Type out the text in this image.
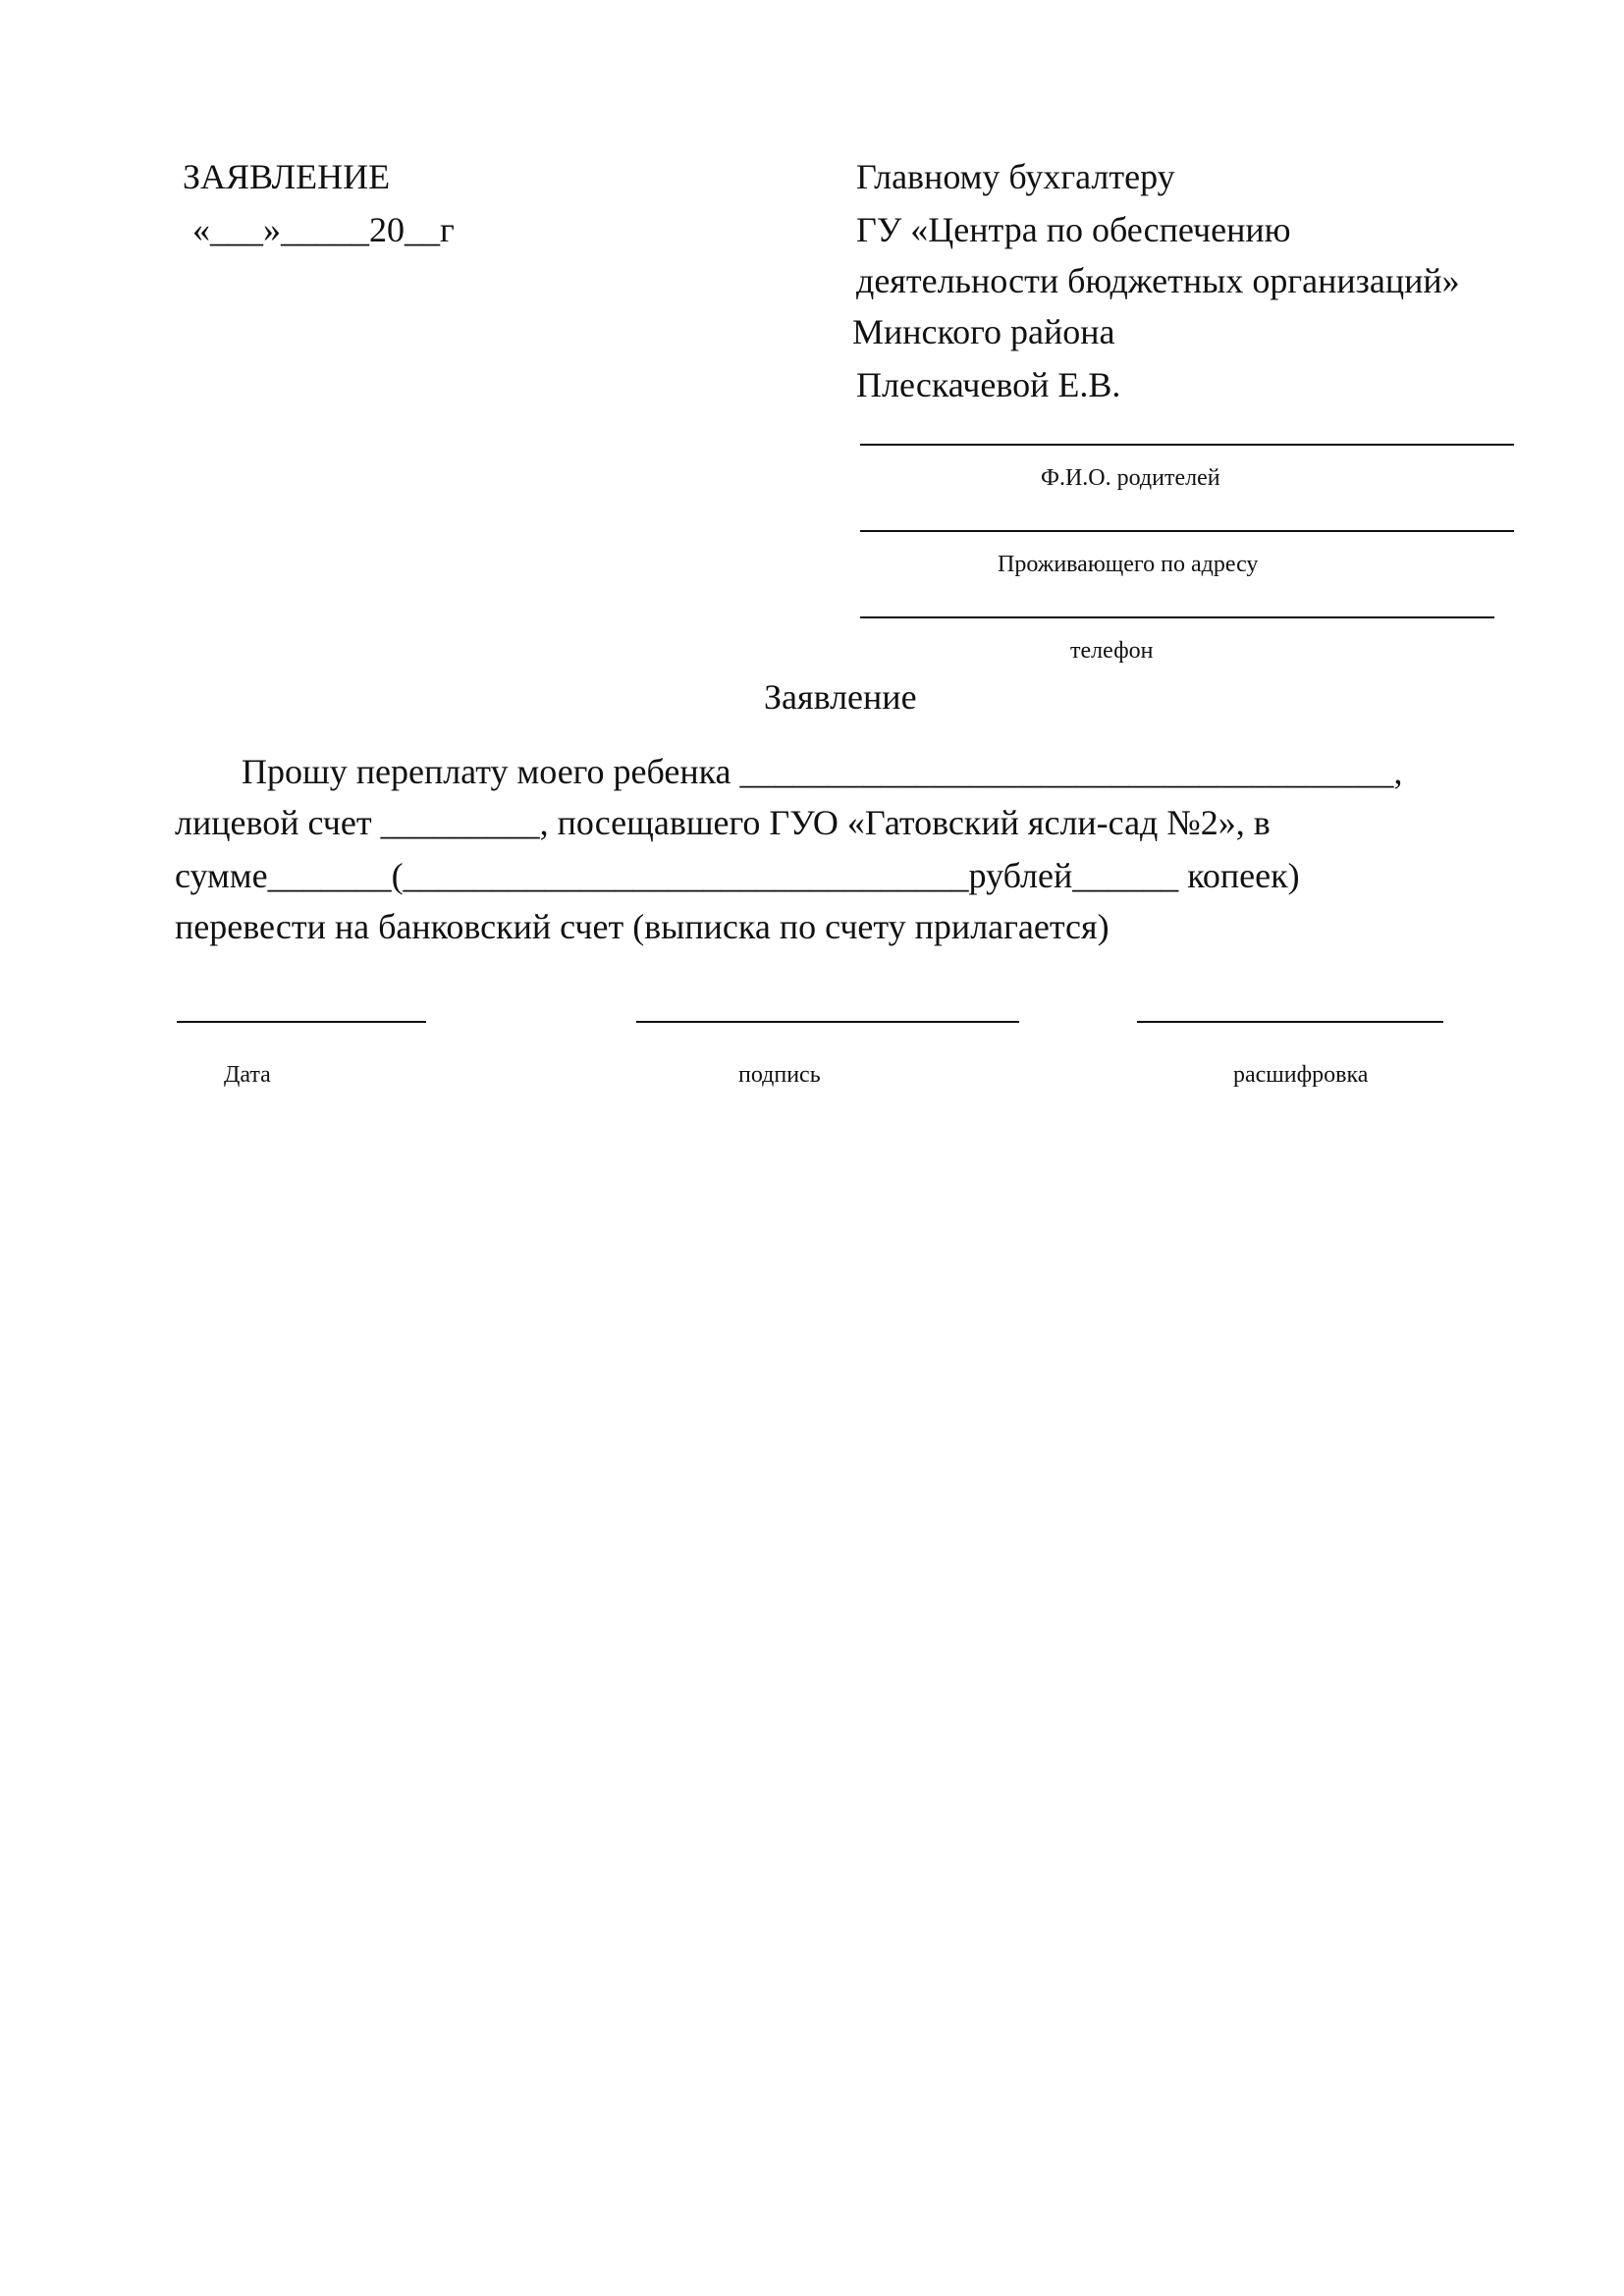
ЗАЯВЛЕНИЕ

«___»_____20__г

Главному бухгалтеру

ГУ «Центра по обеспечению

деятельности бюджетных организаций»

Минского района

Плескачевой Е.В.

Ф.И.О. родителей

Проживающего по адресу

телефон

Заявление

Прошу переплату моего ребенка _____________________________________,

лицевой счет _________, посещавшего ГУО «Гатовский ясли-сад №2», в

сумме_______(________________________________рублей______ копеек)

перевести на банковский счет (выписка по счету прилагается)

Дата	подпись	расшифровка
